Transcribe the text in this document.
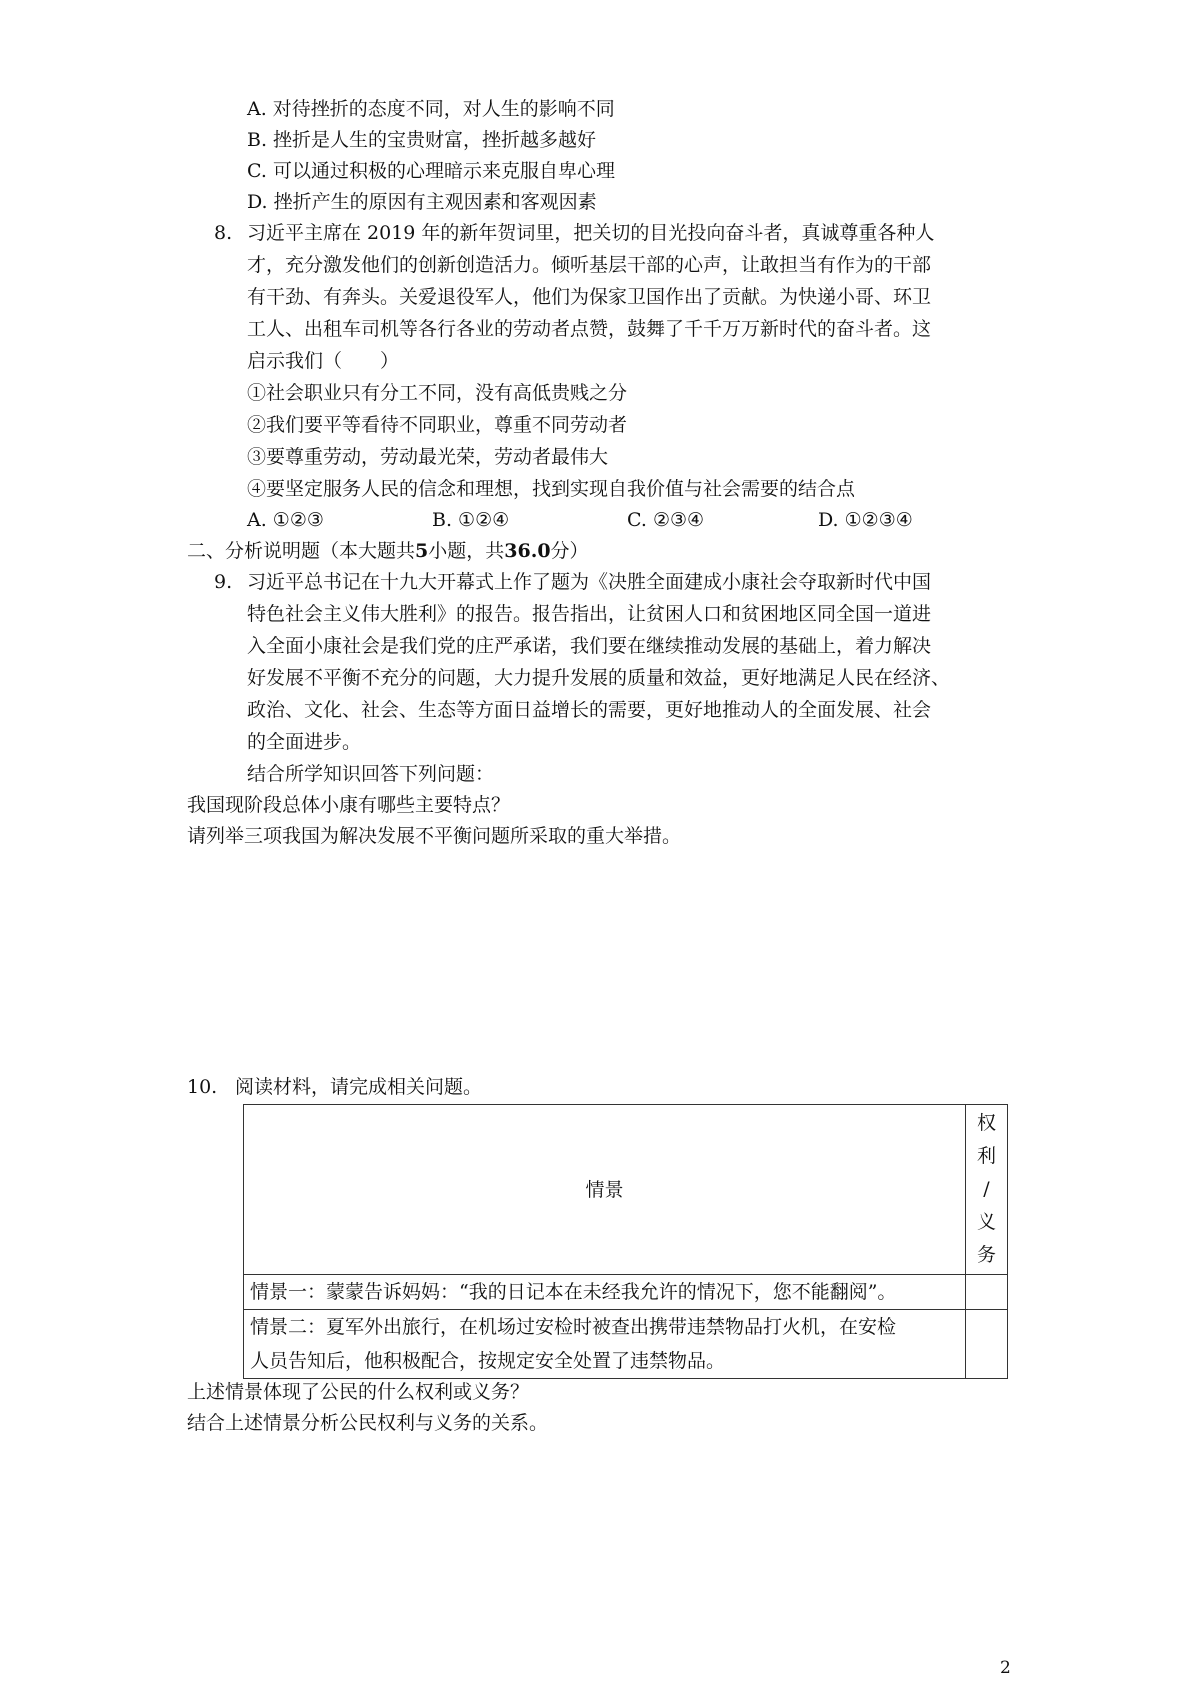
A. 对待挫折的态度不同，对人生的影响不同
B. 挫折是人生的宝贵财富，挫折越多越好
C. 可以通过积极的心理暗示来克服自卑心理
D. 挫折产生的原因有主观因素和客观因素
8. 习近平主席在 2019 年的新年贺词里，把关切的目光投向奋斗者，真诚尊重各种人
才，充分激发他们的创新创造活力。倾听基层干部的心声，让敢担当有作为的干部
有干劲、有奔头。关爱退役军人，他们为保家卫国作出了贡献。为快递小哥、环卫
工人、出租车司机等各行各业的劳动者点赞，鼓舞了千千万万新时代的奋斗者。这
启示我们（　　）
①社会职业只有分工不同，没有高低贵贱之分
②我们要平等看待不同职业，尊重不同劳动者
③要尊重劳动，劳动最光荣，劳动者最伟大
④要坚定服务人民的信念和理想，找到实现自我价值与社会需要的结合点
A. ①②③	B. ①②④	C. ②③④	D. ①②③④
二、分析说明题（本大题共5小题，共36.0分）
9. 习近平总书记在十九大开幕式上作了题为《决胜全面建成小康社会夺取新时代中国
特色社会主义伟大胜利》的报告。报告指出，让贫困人口和贫困地区同全国一道进
入全面小康社会是我们党的庄严承诺，我们要在继续推动发展的基础上，着力解决
好发展不平衡不充分的问题，大力提升发展的质量和效益，更好地满足人民在经济、
政治、文化、社会、生态等方面日益增长的需要，更好地推动人的全面发展、社会
的全面进步。
结合所学知识回答下列问题：
我国现阶段总体小康有哪些主要特点？
请列举三项我国为解决发展不平衡问题所采取的重大举措。
10. 阅读材料，请完成相关问题。
情景	权
利
/
义
务

情景一：蒙蒙告诉妈妈：“我的日记本在未经我允许的情况下，您不能翻阅”。	

情景二：夏军外出旅行，在机场过安检时被查出携带违禁物品打火机，在安检
人员告知后，他积极配合，按规定安全处置了违禁物品。	

上述情景体现了公民的什么权利或义务？
结合上述情景分析公民权利与义务的关系。
2
